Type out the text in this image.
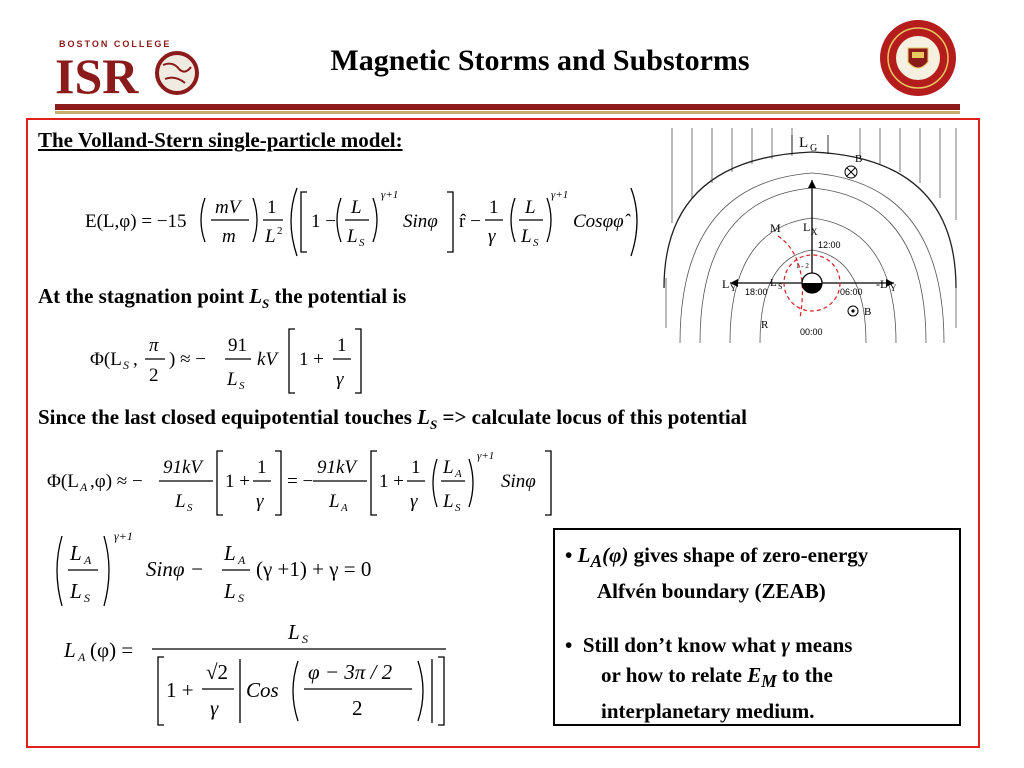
BOSTON COLLEGE
ISR	Magnetic Storms and Substorms
The Volland-Stern single-particle model:
At the stagnation point $L_S$ the potential is
Since the last closed equipotential touches $L_S$ => calculate locus of this potential
E(L,φ) = −15
mV
m
1
L 2 1 −
L
L S
γ+1
Sinφ r̂ −
1
γ
L
L S
γ+1
Cosφφ̂
Φ(L S ,
π
2
) ≈ −
91
L S
kV 1 +
1
γ
Φ(L A ,φ) ≈ −
91kV
L S
1 +
1
γ
= −
91kV
L A
1 +
1
γ
L A
L S
γ+1
Sinφ
L A
L S
γ+1
Sinφ −
L A
L S
(γ +1) + γ = 0
L A (φ) =
L S
1 +
√2
γ
Cos
φ − 3π / 2
2
• $L_A(\varphi)$ gives shape of zero-energy
Alfvén boundary (ZEAB)
• Still don’t know what γ means
or how to relate $E_M$ to the
interplanetary medium.
L G
B
M L X
12:00
L Y 18:00
L S
1 - 2
06:00
-L Y
R
B
00:00
